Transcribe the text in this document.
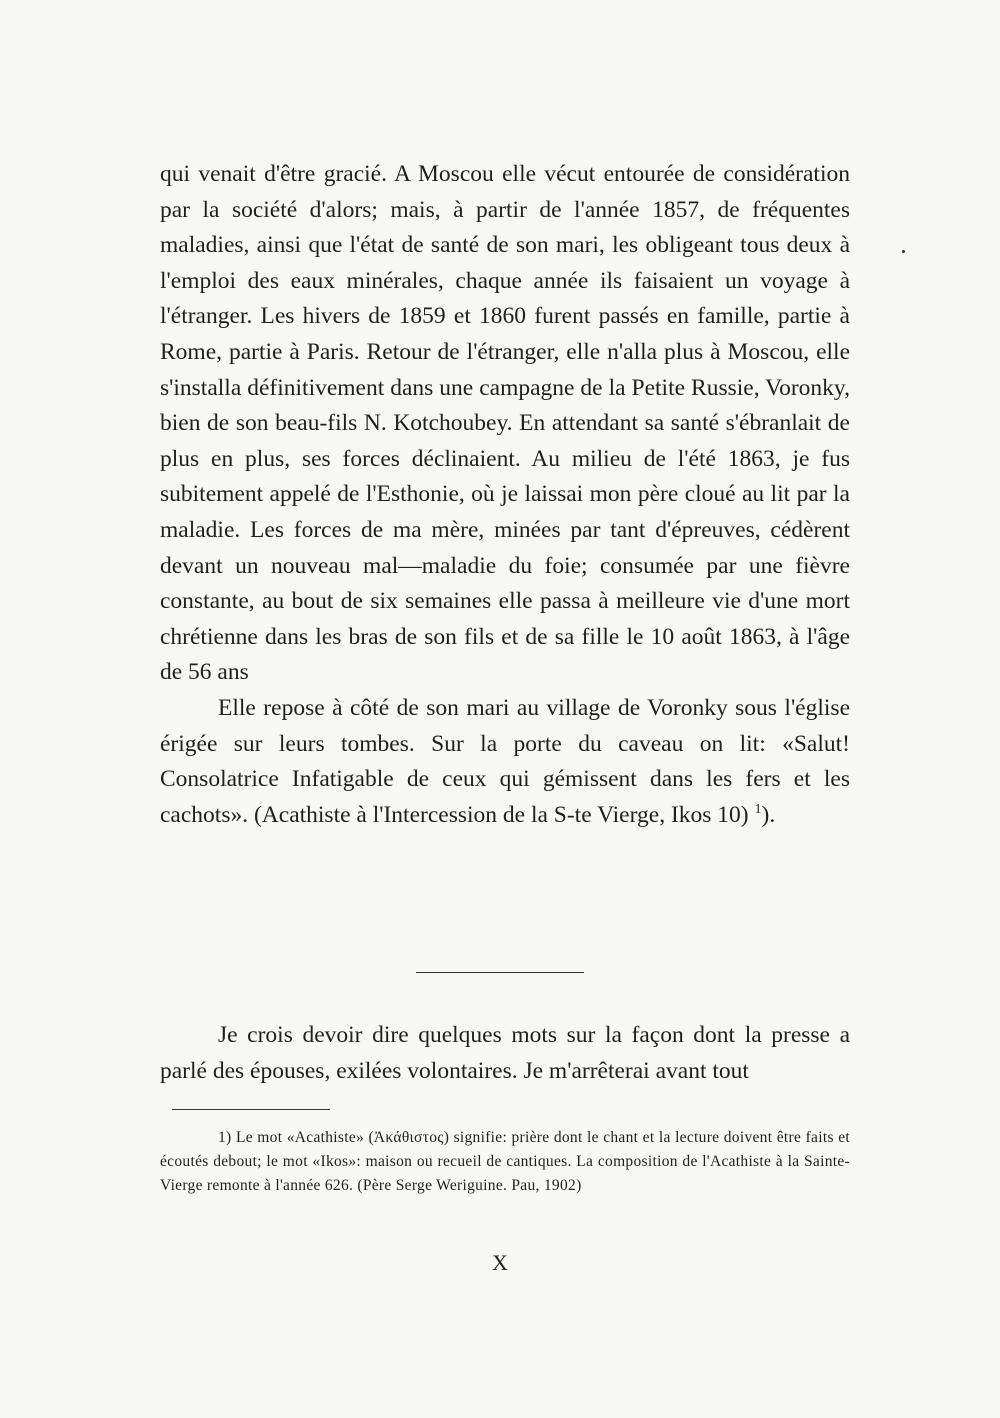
qui venait d'être gracié. A Moscou elle vécut entourée de considération par la société d'alors; mais, à partir de l'année 1857, de fréquentes maladies, ainsi que l'état de santé de son mari, les obligeant tous deux à l'emploi des eaux minérales, chaque année ils faisaient un voyage à l'étranger. Les hivers de 1859 et 1860 furent passés en famille, partie à Rome, partie à Paris. Retour de l'étranger, elle n'alla plus à Moscou, elle s'installa définitivement dans une campagne de la Petite Russie, Voronky, bien de son beau-fils N. Kotchoubey. En attendant sa santé s'ébranlait de plus en plus, ses forces déclinaient. Au milieu de l'été 1863, je fus subitement appelé de l'Esthonie, où je laissai mon père cloué au lit par la maladie. Les forces de ma mère, minées par tant d'épreuves, cédèrent devant un nouveau mal—maladie du foie; consumée par une fièvre constante, au bout de six semaines elle passa à meilleure vie d'une mort chrétienne dans les bras de son fils et de sa fille le 10 août 1863, à l'âge de 56 ans

Elle repose à côté de son mari au village de Voronky sous l'église érigée sur leurs tombes. Sur la porte du caveau on lit: «Salut! Consolatrice Infatigable de ceux qui gémissent dans les fers et les cachots». (Acathiste à l'Intercession de la S-te Vierge, Ikos 10) $^1$).

Je crois devoir dire quelques mots sur la façon dont la presse a parlé des épouses, exilées volontaires. Je m'arrêterai avant tout

1) Le mot «Acathiste» (Ἀκάθιστος) signifie: prière dont le chant et la lecture doivent être faits et écoutés debout; le mot «Ikos»: maison ou recueil de cantiques. La composition de l'Acathiste à la Sainte-Vierge remonte à l'année 626. (Père Serge Weriguine. Pau, 1902)

X
